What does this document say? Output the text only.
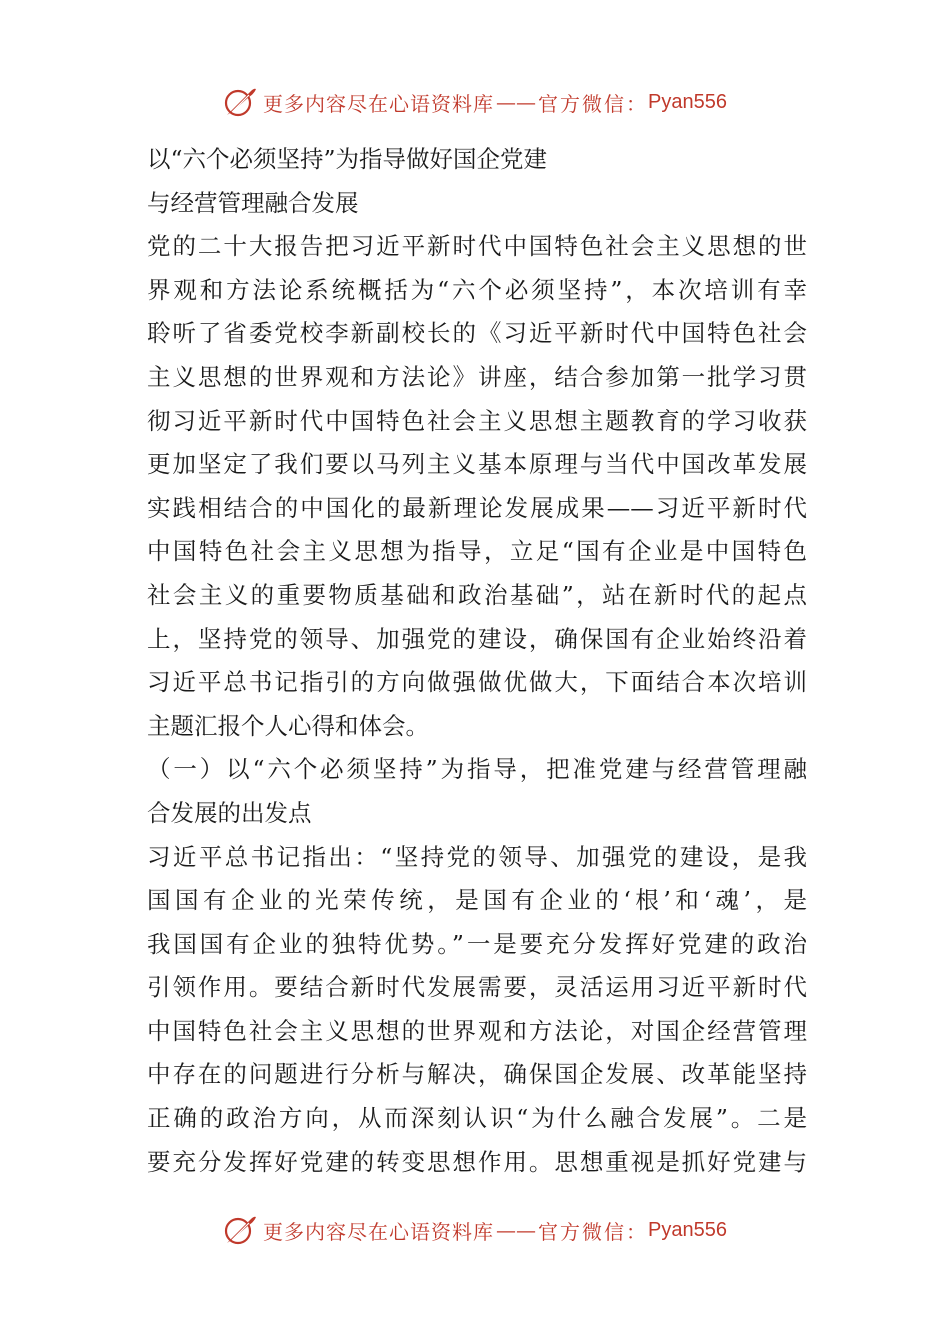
更多内容尽在心语资料库 —— 官方微信： Pyan556
以“六个必须坚持”为指导做好国企党建
与经营管理融合发展
党的二十大报告把习近平新时代中国特色社会主义思想的世
界观和方法论系统概括为“六个必须坚持”，本次培训有幸
聆听了省委党校李新副校长的《习近平新时代中国特色社会
主义思想的世界观和方法论》讲座，结合参加第一批学习贯
彻习近平新时代中国特色社会主义思想主题教育的学习收获
更加坚定了我们要以马列主义基本原理与当代中国改革发展
实践相结合的中国化的最新理论发展成果——习近平新时代
中国特色社会主义思想为指导，立足“国有企业是中国特色
社会主义的重要物质基础和政治基础”，站在新时代的起点
上，坚持党的领导、加强党的建设，确保国有企业始终沿着
习近平总书记指引的方向做强做优做大，下面结合本次培训
主题汇报个人心得和体会。
（一）以“六个必须坚持”为指导，把准党建与经营管理融
合发展的出发点
习近平总书记指出：“坚持党的领导、加强党的建设，是我
国国有企业的光荣传统，是国有企业的‘根’和‘魂’，是
我国国有企业的独特优势。”一是要充分发挥好党建的政治
引领作用。要结合新时代发展需要，灵活运用习近平新时代
中国特色社会主义思想的世界观和方法论，对国企经营管理
中存在的问题进行分析与解决，确保国企发展、改革能坚持
正确的政治方向，从而深刻认识“为什么融合发展”。二是
要充分发挥好党建的转变思想作用。思想重视是抓好党建与
更多内容尽在心语资料库 —— 官方微信： Pyan556
